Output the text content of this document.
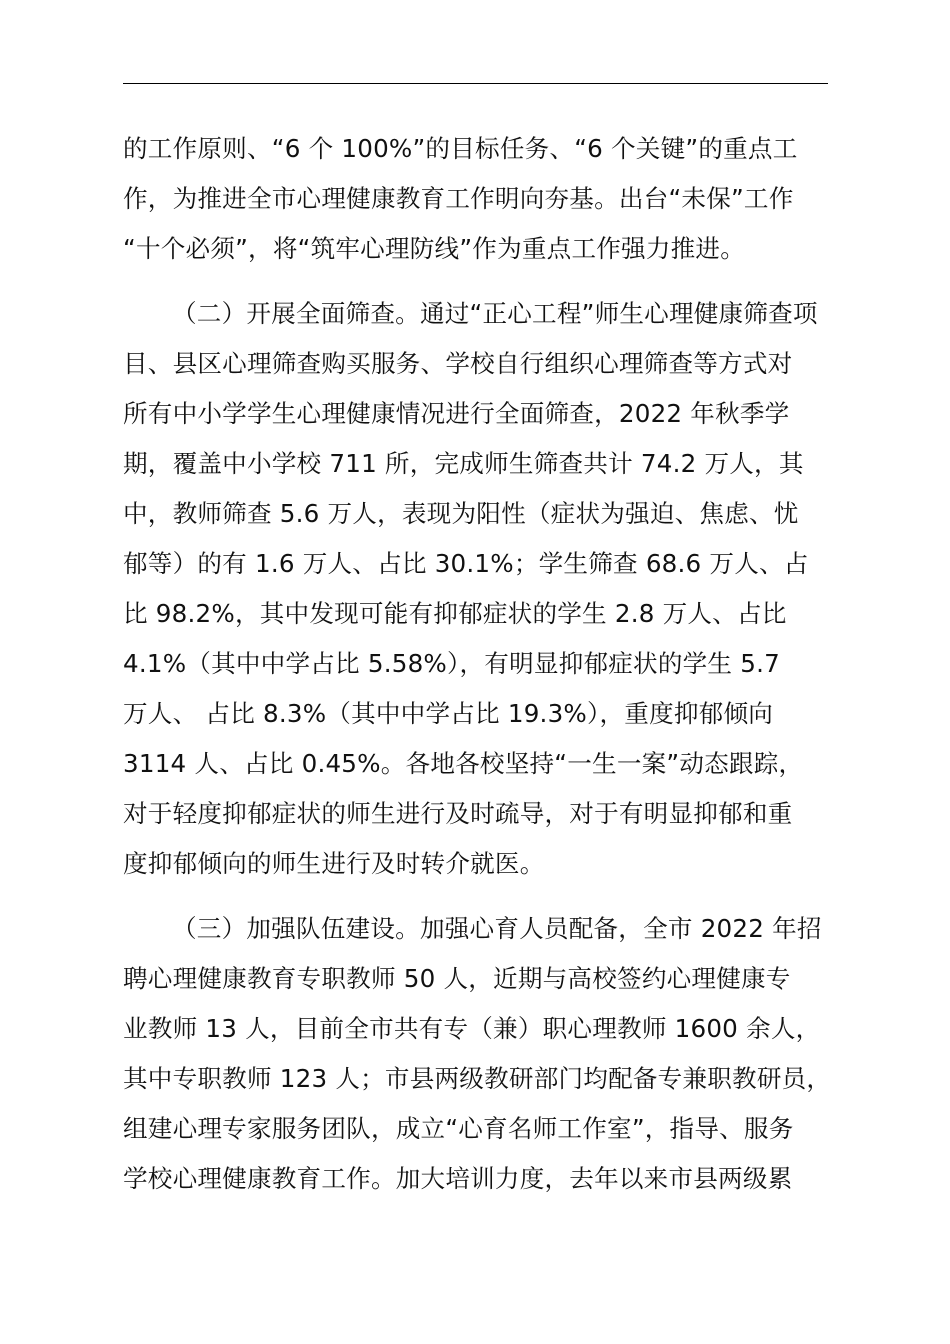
的工作原则、“6 个 100%”的目标任务、“6 个关键”的重点工
作，为推进全市心理健康教育工作明向夯基。出台“未保”工作
“十个必须”，将“筑牢心理防线”作为重点工作强力推进。
（二）开展全面筛查。通过“正心工程”师生心理健康筛查项
目、县区心理筛查购买服务、学校自行组织心理筛查等方式对
所有中小学学生心理健康情况进行全面筛查，2022 年秋季学
期，覆盖中小学校 711 所，完成师生筛查共计 74.2 万人，其
中，教师筛查 5.6 万人，表现为阳性（症状为强迫、焦虑、忧
郁等）的有 1.6 万人、占比 30.1%；学生筛查 68.6 万人、占
比 98.2%，其中发现可能有抑郁症状的学生 2.8 万人、占比
4.1%（其中中学占比 5.58%），有明显抑郁症状的学生 5.7
万人、 占比 8.3%（其中中学占比 19.3%），重度抑郁倾向
3114 人、占比 0.45%。各地各校坚持“一生一案”动态跟踪，
对于轻度抑郁症状的师生进行及时疏导，对于有明显抑郁和重
度抑郁倾向的师生进行及时转介就医。
（三）加强队伍建设。加强心育人员配备，全市 2022 年招
聘心理健康教育专职教师 50 人，近期与高校签约心理健康专
业教师 13 人，目前全市共有专（兼）职心理教师 1600 余人，
其中专职教师 123 人；市县两级教研部门均配备专兼职教研员，
组建心理专家服务团队，成立“心育名师工作室”，指导、服务
学校心理健康教育工作。加大培训力度，去年以来市县两级累
